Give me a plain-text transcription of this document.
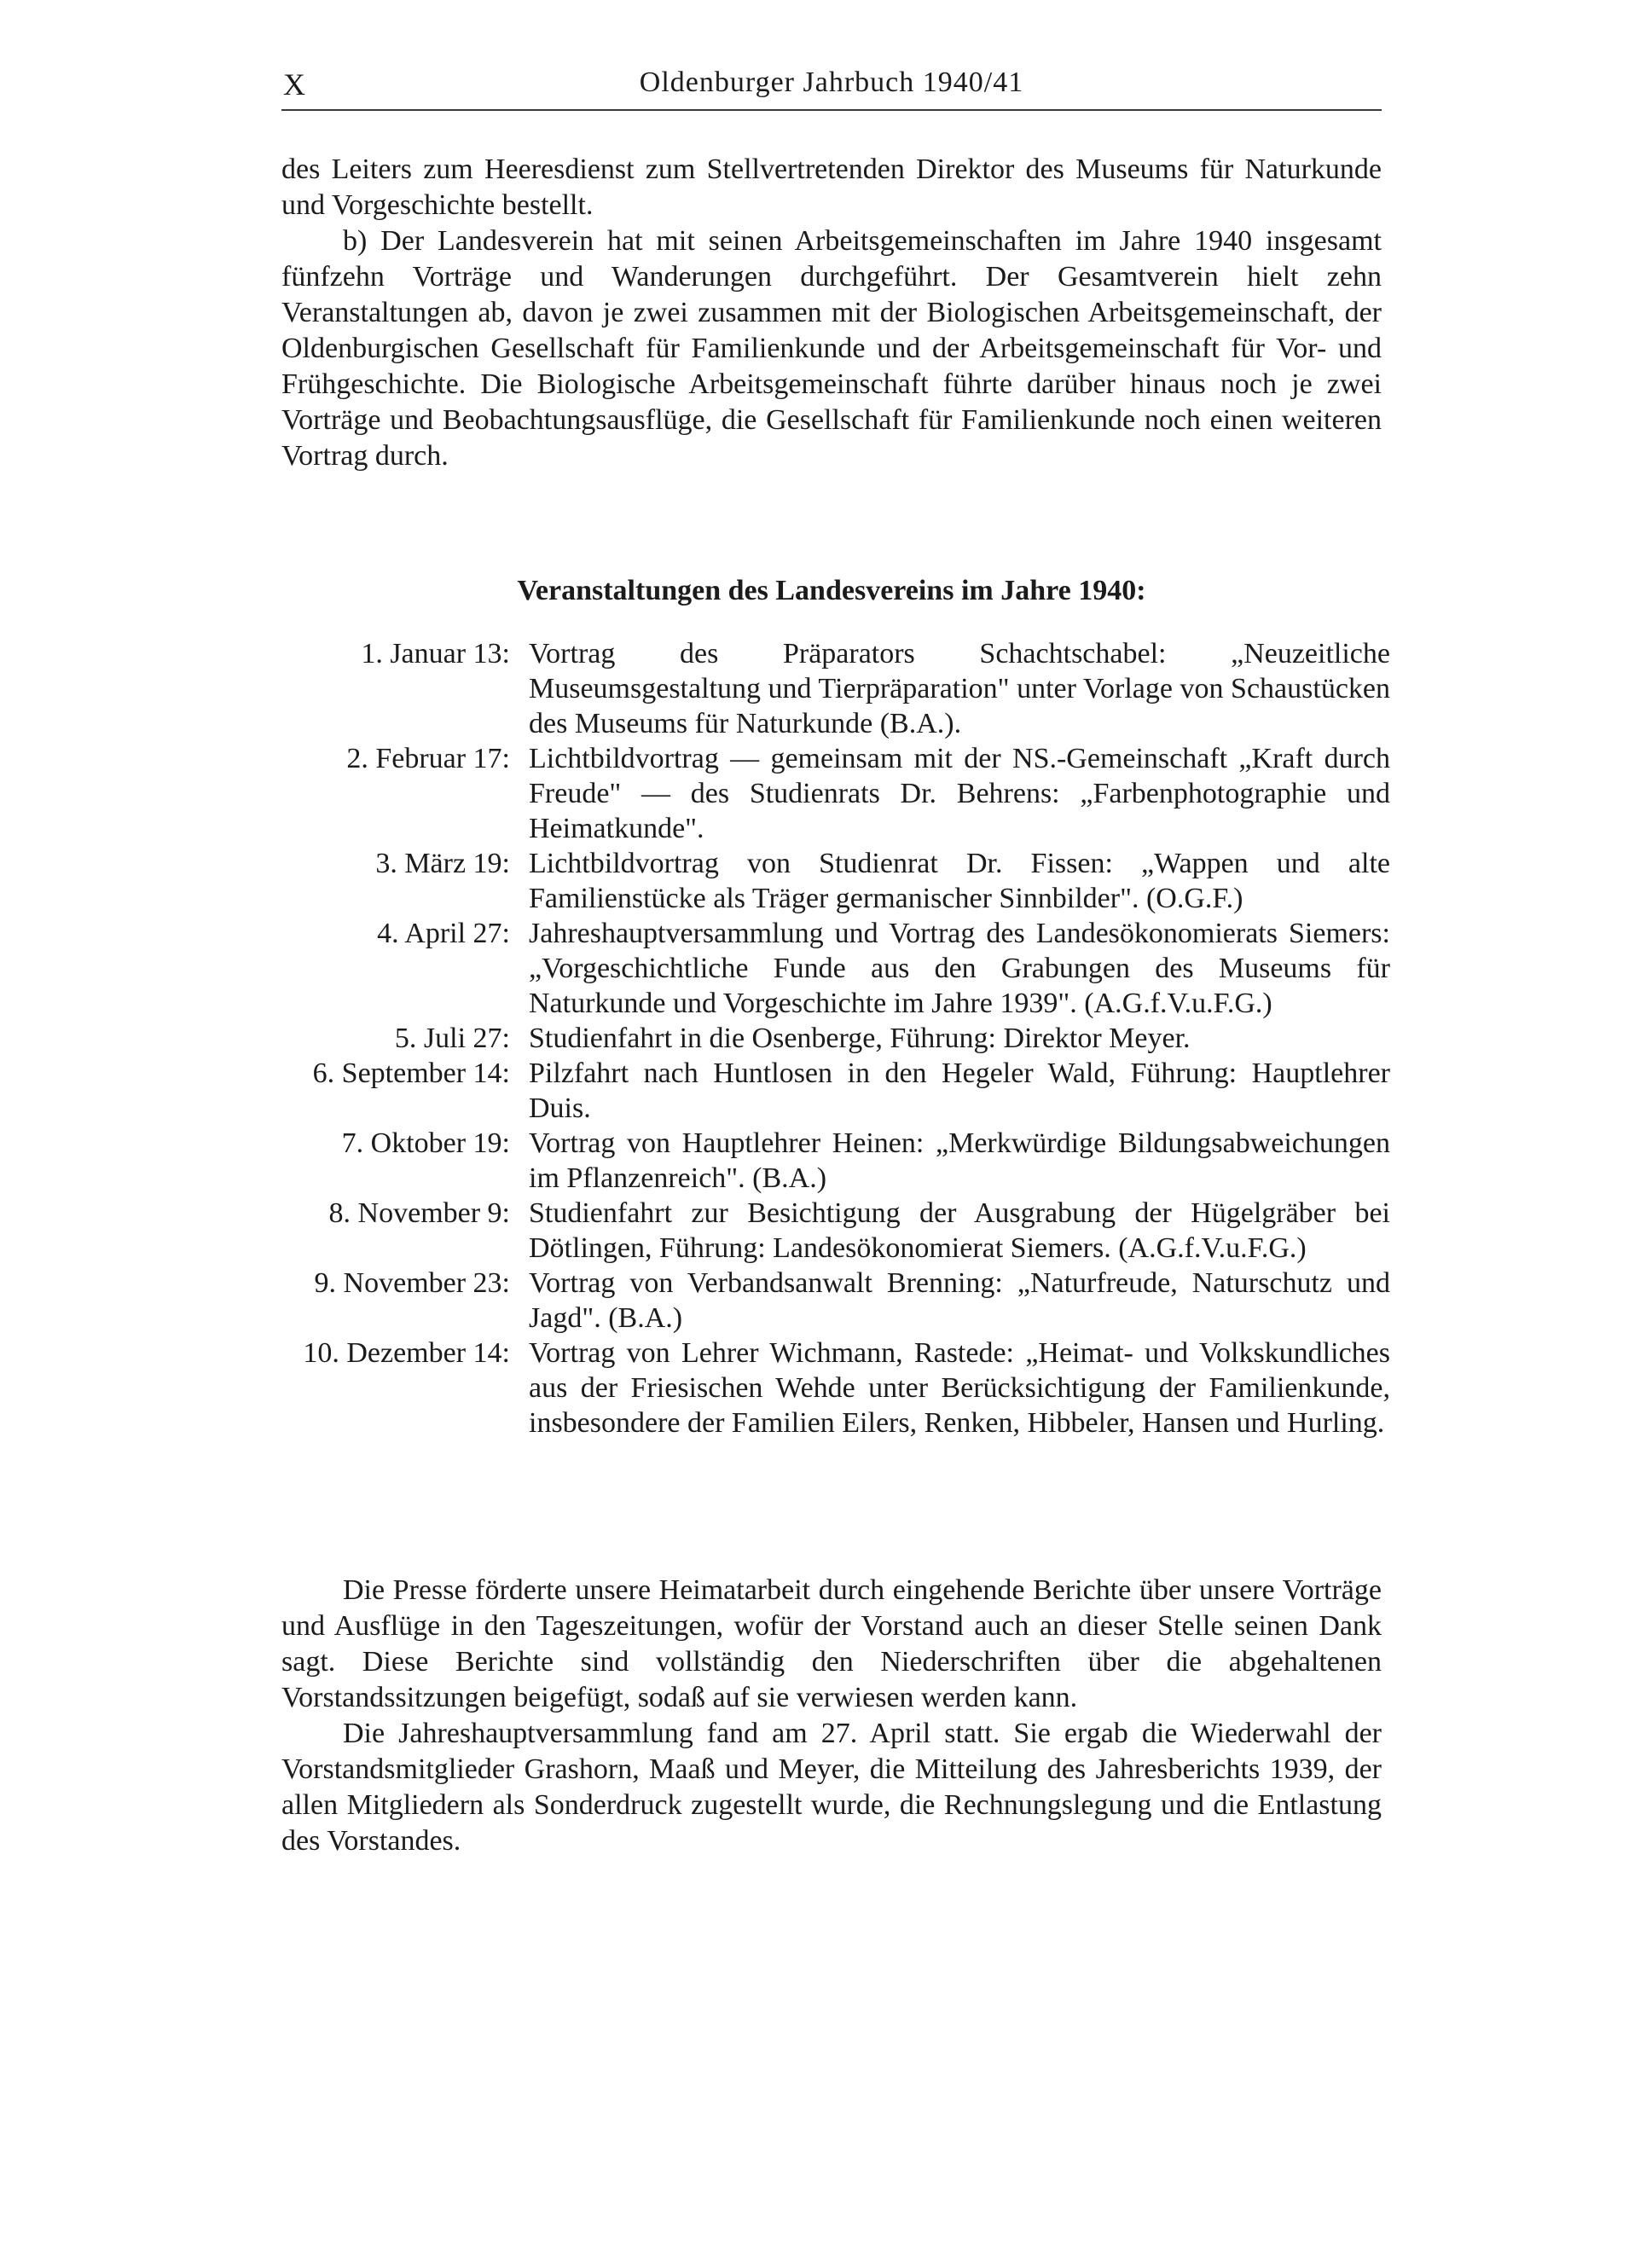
X	Oldenburger Jahrbuch 1940/41

des Leiters zum Heeresdienst zum Stellvertretenden Direktor des Museums für Naturkunde und Vorgeschichte bestellt.

b) Der Landesverein hat mit seinen Arbeitsgemeinschaften im Jahre 1940 insgesamt fünfzehn Vorträge und Wanderungen durchgeführt. Der Gesamtverein hielt zehn Veranstaltungen ab, davon je zwei zusammen mit der Biologischen Arbeitsgemeinschaft, der Oldenburgischen Gesellschaft für Familienkunde und der Arbeitsgemeinschaft für Vor- und Frühgeschichte. Die Biologische Arbeitsgemeinschaft führte darüber hinaus noch je zwei Vorträge und Beobachtungsausflüge, die Gesellschaft für Familienkunde noch einen weiteren Vortrag durch.

Veranstaltungen des Landesvereins im Jahre 1940:
1. Januar 13: Vortrag des Präparators Schachtschabel: „Neuzeitliche Museumsgestaltung und Tierpräparation" unter Vorlage von Schaustücken des Museums für Naturkunde (B.A.).
2. Februar 17: Lichtbildvortrag — gemeinsam mit der NS.-Gemeinschaft „Kraft durch Freude" — des Studienrats Dr. Behrens: „Farbenphotographie und Heimatkunde".
3. März 19: Lichtbildvortrag von Studienrat Dr. Fissen: „Wappen und alte Familienstücke als Träger germanischer Sinnbilder". (O.G.F.)
4. April 27: Jahreshauptversammlung und Vortrag des Landesökonomierats Siemers: „Vorgeschichtliche Funde aus den Grabungen des Museums für Naturkunde und Vorgeschichte im Jahre 1939". (A.G.f.V.u.F.G.)
5. Juli 27: Studienfahrt in die Osenberge, Führung: Direktor Meyer.
6. September 14: Pilzfahrt nach Huntlosen in den Hegeler Wald, Führung: Hauptlehrer Duis.
7. Oktober 19: Vortrag von Hauptlehrer Heinen: „Merkwürdige Bildungsabweichungen im Pflanzenreich". (B.A.)
8. November 9: Studienfahrt zur Besichtigung der Ausgrabung der Hügelgräber bei Dötlingen, Führung: Landesökonomierat Siemers. (A.G.f.V.u.F.G.)
9. November 23: Vortrag von Verbandsanwalt Brenning: „Naturfreude, Naturschutz und Jagd". (B.A.)
10. Dezember 14: Vortrag von Lehrer Wichmann, Rastede: „Heimat- und Volkskundliches aus der Friesischen Wehde unter Berücksichtigung der Familienkunde, insbesondere der Familien Eilers, Renken, Hibbeler, Hansen und Hurling.

Die Presse förderte unsere Heimatarbeit durch eingehende Berichte über unsere Vorträge und Ausflüge in den Tageszeitungen, wofür der Vorstand auch an dieser Stelle seinen Dank sagt. Diese Berichte sind vollständig den Niederschriften über die abgehaltenen Vorstandssitzungen beigefügt, sodaß auf sie verwiesen werden kann.

Die Jahreshauptversammlung fand am 27. April statt. Sie ergab die Wiederwahl der Vorstandsmitglieder Grashorn, Maaß und Meyer, die Mitteilung des Jahresberichts 1939, der allen Mitgliedern als Sonderdruck zugestellt wurde, die Rechnungslegung und die Entlastung des Vorstandes.
